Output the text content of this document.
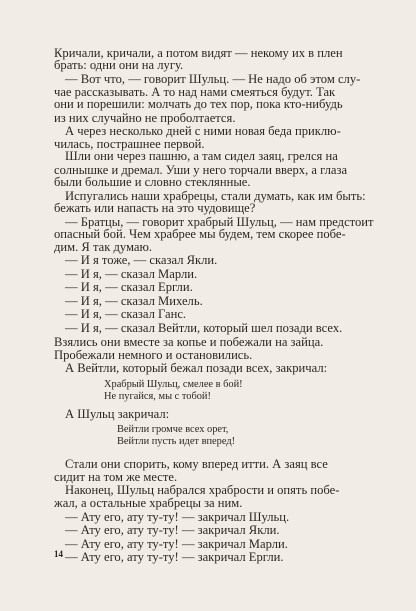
Кричали, кричали, а потом видят — некому их в плен
брать: одни они на лугу.
— Вот что, — говорит Шульц. — Не надо об этом слу-
чае рассказывать. А то над нами смеяться будут. Так
они и порешили: молчать до тех пор, пока кто-нибудь
из них случайно не проболтается.
А через несколько дней с ними новая беда приклю-
чилась, пострашнее первой.
Шли они через пашню, а там сидел заяц, грелся на
солнышке и дремал. Уши у него торчали вверх, а глаза
были большие и словно стеклянные.
Испугались наши храбрецы, стали думать, как им быть:
бежать или напасть на это чудовище?
— Братцы, — говорит храбрый Шульц, — нам предстоит
опасный бой. Чем храбрее мы будем, тем скорее побе-
дим. Я так думаю.
— И я тоже, — сказал Якли.
— И я, — сказал Марли.
— И я, — сказал Ергли.
— И я, — сказал Михель.
— И я, — сказал Ганс.
— И я, — сказал Вейтли, который шел позади всех.
Взялись они вместе за копье и побежали на зайца.
Пробежали немного и остановились.
А Вейтли, который бежал позади всех, закричал:
Храбрый Шульц, смелее в бой!
Не пугайся, мы с тобой!
А Шульц закричал:
Вейтли громче всех орет,
Вейтли пусть идет вперед!
Стали они спорить, кому вперед итти. А заяц все
сидит на том же месте.
Наконец, Шульц набрался храбрости и опять побе-
жал, а остальные храбрецы за ним.
— Ату его, ату ту-ту! — закричал Шульц.
— Ату его, ату ту-ту! — закричал Якли.
— Ату его, ату ту-ту! — закричал Марли.
— Ату его, ату ту-ту! — закричал Ергли.
14
